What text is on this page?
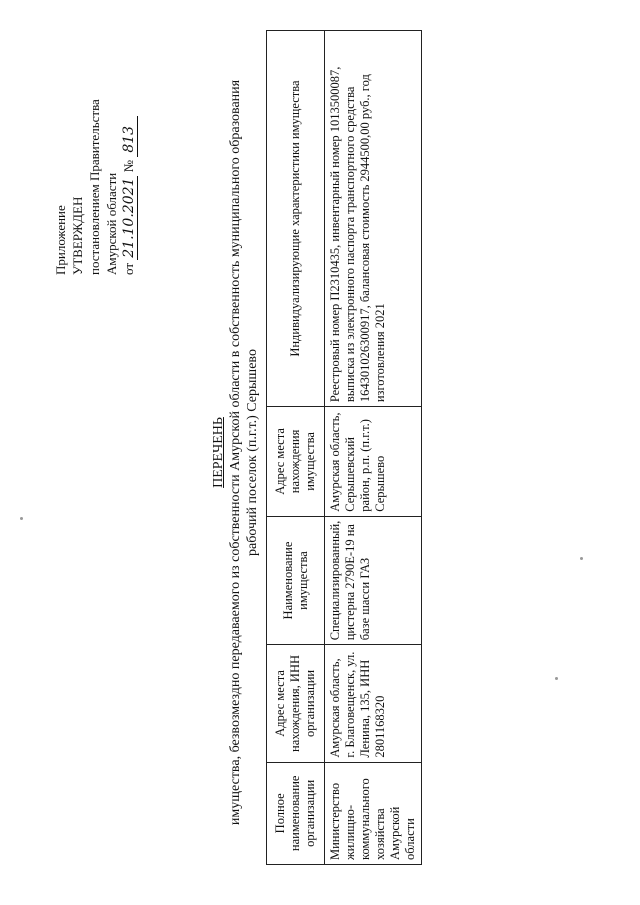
Приложение УТВЕРЖДЕН постановлением Правительства Амурской области от 21.10.2021 № 813
ПЕРЕЧЕНЬ имущества, безвозмездно передаваемого из собственности Амурской области в собственность муниципального образования рабочий поселок (п.г.т.) Серышево
Полное наименование организации	Адрес места нахождения, ИНН организации	Наименование имущества	Адрес места нахождения имущества	Индивидуализирующие характеристики имущества
Министерство жилищно-коммунального хозяйства Амурской области	Амурская область, г. Благовещенск, ул. Ленина, 135, ИНН 2801168320	Специализированный, цистерна 2790Е-19 на базе шасси ГАЗ	Амурская область, Серышевский район, р.п. (п.г.т.) Серышево	Реестровый номер П2310435, инвентарный номер 1013500087, выписка из электронного паспорта транспортного средства 164301026300917, балансовая стоимость 2944500,00 руб., год изготовления 2021
